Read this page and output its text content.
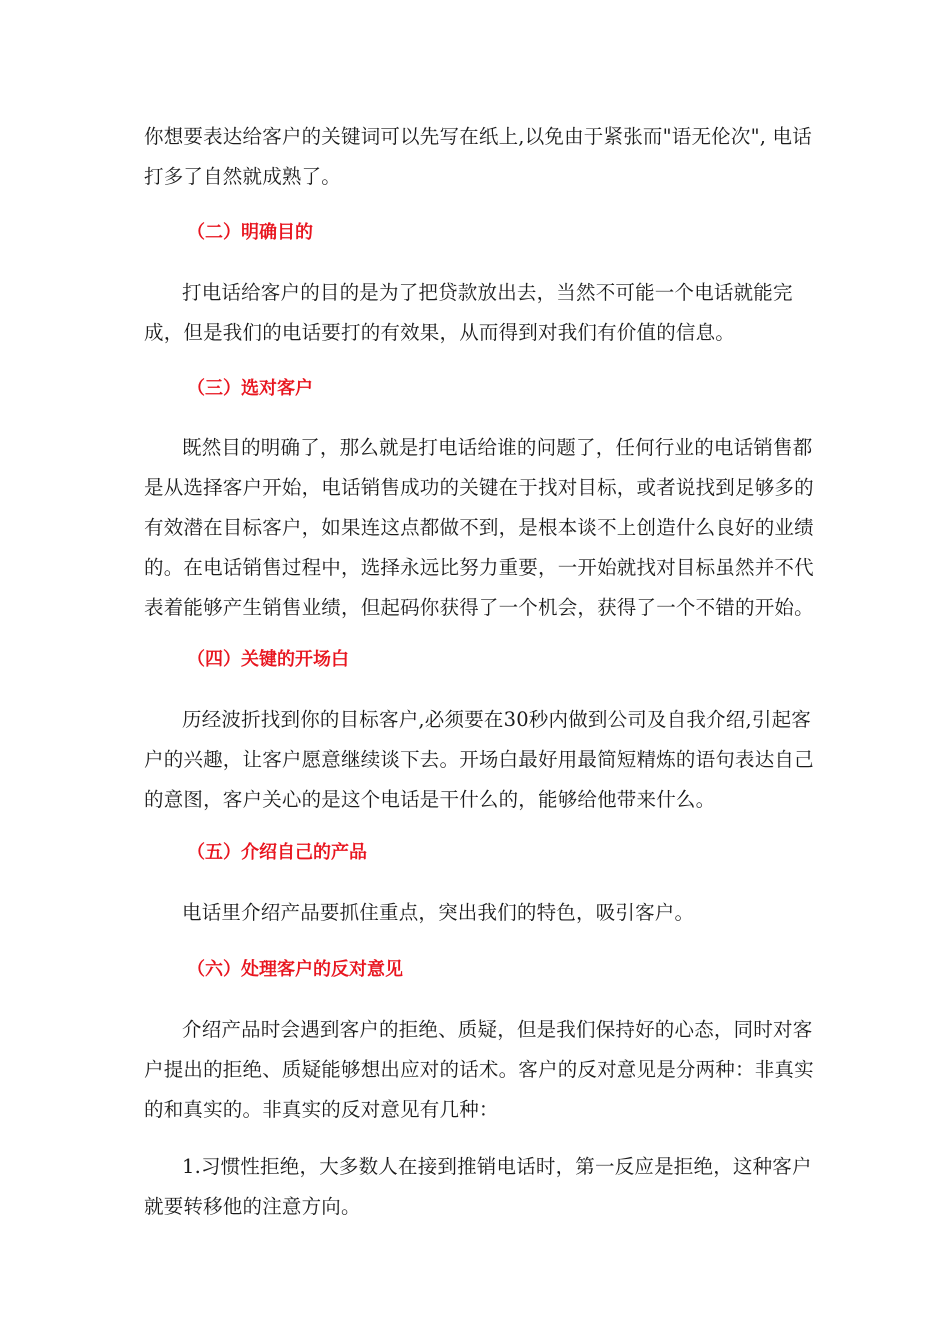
你想要表达给客户的关键词可以先写在纸上,以免由于紧张而"语无伦次", 电话打多了自然就成熟了。

（二）明确目的

打电话给客户的目的是为了把贷款放出去，当然不可能一个电话就能完成，但是我们的电话要打的有效果，从而得到对我们有价值的信息。

（三）选对客户

既然目的明确了，那么就是打电话给谁的问题了，任何行业的电话销售都是从选择客户开始，电话销售成功的关键在于找对目标，或者说找到足够多的有效潜在目标客户，如果连这点都做不到，是根本谈不上创造什么良好的业绩的。在电话销售过程中，选择永远比努力重要，一开始就找对目标虽然并不代表着能够产生销售业绩，但起码你获得了一个机会，获得了一个不错的开始。

（四）关键的开场白

历经波折找到你的目标客户,必须要在30秒内做到公司及自我介绍,引起客户的兴趣，让客户愿意继续谈下去。开场白最好用最简短精炼的语句表达自己的意图，客户关心的是这个电话是干什么的，能够给他带来什么。

（五）介绍自己的产品

电话里介绍产品要抓住重点，突出我们的特色，吸引客户。

（六）处理客户的反对意见

介绍产品时会遇到客户的拒绝、质疑，但是我们保持好的心态，同时对客户提出的拒绝、质疑能够想出应对的话术。客户的反对意见是分两种：非真实的和真实的。非真实的反对意见有几种：

1.习惯性拒绝，大多数人在接到推销电话时，第一反应是拒绝，这种客户就要转移他的注意方向。
